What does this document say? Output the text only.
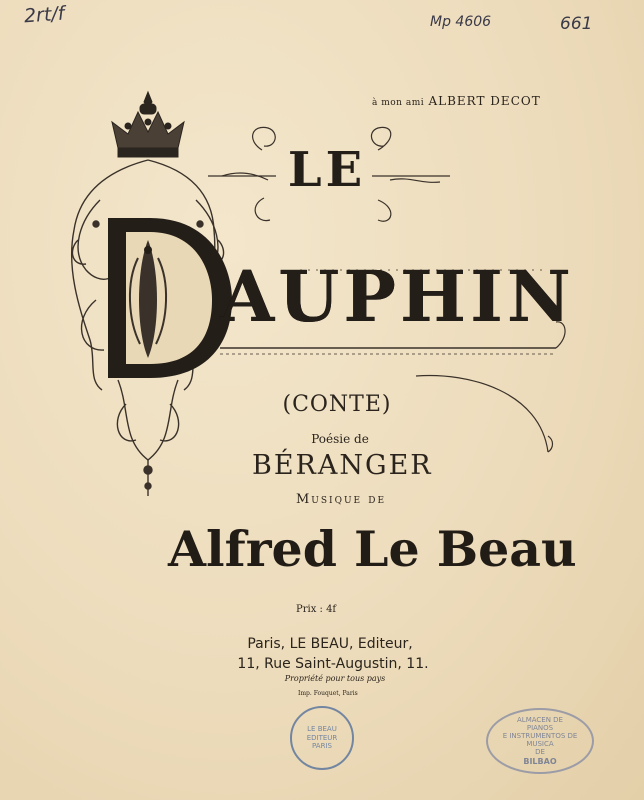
2rt/f	Mp 4606	661
à mon ami ALBERT DECOT
LE
AUPHIN
(CONTE)
Poésie de
BÉRANGER
Musique de
Alfred Le Beau
Prix : 4f
Paris, LE BEAU, Editeur,
11, Rue Saint-Augustin, 11.
Propriété pour tous pays
Imp. Fouquet, Paris
LE BEAU
EDITEUR
PARIS
ALMACEN DE
PIANOS
E INSTRUMENTOS DE MUSICA
DE
BILBAO
